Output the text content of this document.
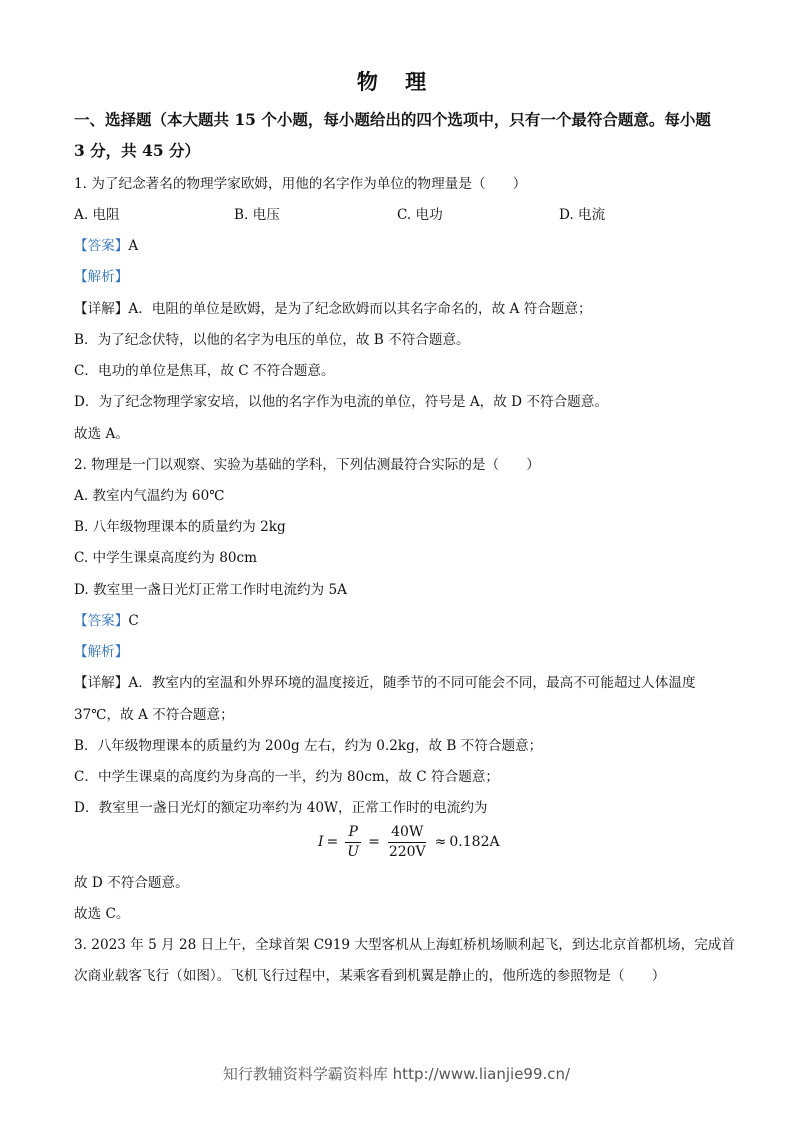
物 理
一、选择题（本大题共 15 个小题，每小题给出的四个选项中，只有一个最符合题意。每小题
3 分，共 45 分）
1. 为了纪念著名的物理学家欧姆，用他的名字作为单位的物理量是（　　）
A. 电阻	B. 电压	C. 电功	D. 电流
【答案】A
【解析】
【详解】A．电阻的单位是欧姆，是为了纪念欧姆而以其名字命名的，故 A 符合题意；
B．为了纪念伏特，以他的名字为电压的单位，故 B 不符合题意。
C．电功的单位是焦耳，故 C 不符合题意。
D．为了纪念物理学家安培，以他的名字作为电流的单位，符号是 A，故 D 不符合题意。
故选 A。
2. 物理是一门以观察、实验为基础的学科，下列估测最符合实际的是（　　）
A. 教室内气温约为 60℃
B. 八年级物理课本的质量约为 2kg
C. 中学生课桌高度约为 80cm
D. 教室里一盏日光灯正常工作时电流约为 5A
【答案】C
【解析】
【详解】A．教室内的室温和外界环境的温度接近，随季节的不同可能会不同，最高不可能超过人体温度
37℃，故 A 不符合题意；
B．八年级物理课本的质量约为 200g 左右，约为 0.2kg，故 B 不符合题意；
C．中学生课桌的高度约为身高的一半，约为 80cm，故 C 符合题意；
D．教室里一盏日光灯的额定功率约为 40W，正常工作时的电流约为
$I = \frac{P}{U} = \frac{40W}{220V} \approx 0.182A$
故 D 不符合题意。
故选 C。
3. 2023 年 5 月 28 日上午，全球首架 C919 大型客机从上海虹桥机场顺利起飞，到达北京首都机场，完成首
次商业载客飞行（如图）。飞机飞行过程中，某乘客看到机翼是静止的，他所选的参照物是（　　）
知行教辅资料学霸资料库 http://www.lianjie99.cn/
